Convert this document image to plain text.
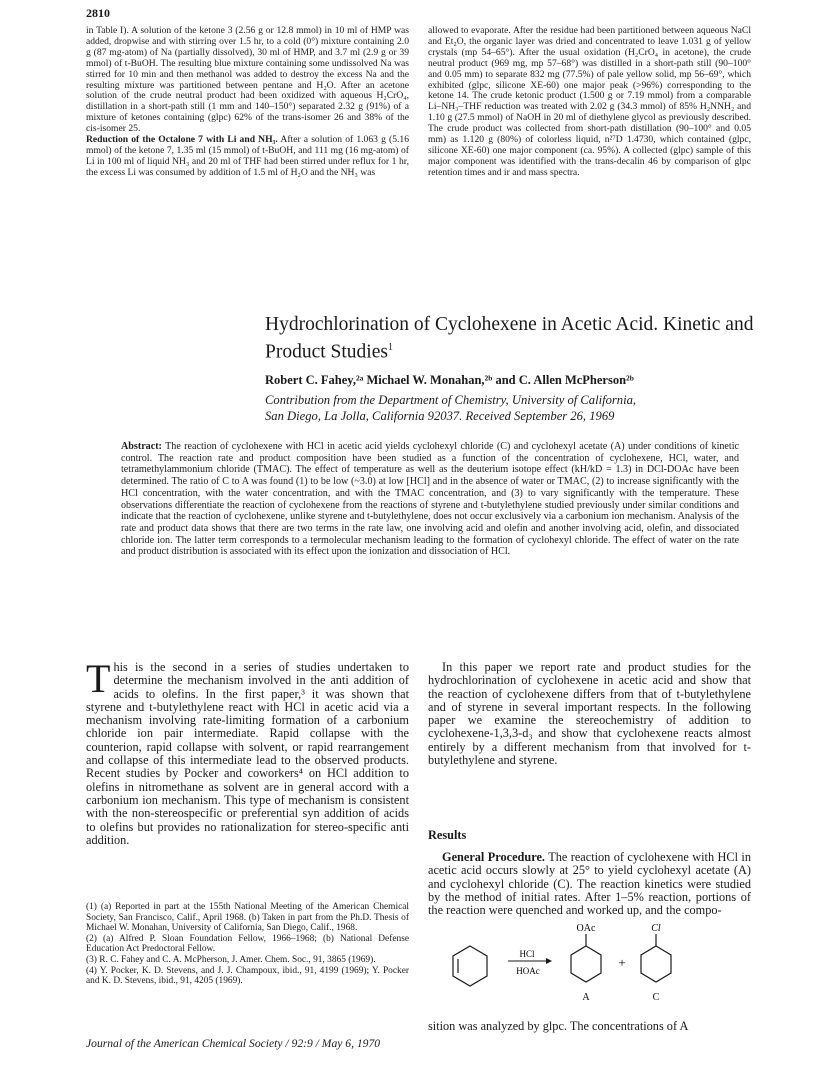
2810

in Table I). A solution of the ketone 3 (2.56 g or 12.8 mmol) in 10 ml of HMP was added, dropwise and with stirring over 1.5 hr, to a cold (0°) mixture containing 2.0 g (87 mg-atom) of Na (partially dissolved), 30 ml of HMP, and 3.7 ml (2.9 g or 39 mmol) of t-BuOH. The resulting blue mixture containing some undissolved Na was stirred for 10 min and then methanol was added to destroy the excess Na and the resulting mixture was partitioned between pentane and H₂O. After an acetone solution of the crude neutral product had been oxidized with aqueous H₂CrO₄, distillation in a short-path still (1 mm and 140–150°) separated 2.32 g (91%) of a mixture of ketones containing (glpc) 62% of the trans-isomer 26 and 38% of the cis-isomer 25.

Reduction of the Octalone 7 with Li and NH₃. After a solution of 1.063 g (5.16 mmol) of the ketone 7, 1.35 ml (15 mmol) of t-BuOH, and 111 mg (16 mg-atom) of Li in 100 ml of liquid NH₃ and 20 ml of THF had been stirred under reflux for 1 hr, the excess Li was consumed by addition of 1.5 ml of H₂O and the NH₃ was

allowed to evaporate. After the residue had been partitioned between aqueous NaCl and Et₂O, the organic layer was dried and concentrated to leave 1.031 g of yellow crystals (mp 54–65°). After the usual oxidation (H₂CrO₄ in acetone), the crude neutral product (969 mg, mp 57–68°) was distilled in a short-path still (90–100° and 0.05 mm) to separate 832 mg (77.5%) of pale yellow solid, mp 56–69°, which exhibited (glpc, silicone XE-60) one major peak (>96%) corresponding to the ketone 14. The crude ketonic product (1.500 g or 7.19 mmol) from a comparable Li–NH₃–THF reduction was treated with 2.02 g (34.3 mmol) of 85% H₂NNH₂ and 1.10 g (27.5 mmol) of NaOH in 20 ml of diethylene glycol as previously described. The crude product was collected from short-path distillation (90–100° and 0.05 mm) as 1.120 g (80%) of colorless liquid, n²⁷D 1.4730, which contained (glpc, silicone XE-60) one major component (ca. 95%). A collected (glpc) sample of this major component was identified with the trans-decalin 46 by comparison of glpc retention times and ir and mass spectra.

Hydrochlorination of Cyclohexene in Acetic Acid. Kinetic and
Product Studies$^1$
Robert C. Fahey,²ᵃ Michael W. Monahan,²ᵇ and C. Allen McPherson²ᵇ
Contribution from the Department of Chemistry, University of California,
San Diego, La Jolla, California 92037. Received September 26, 1969

Abstract: The reaction of cyclohexene with HCl in acetic acid yields cyclohexyl chloride (C) and cyclohexyl acetate (A) under conditions of kinetic control. The reaction rate and product composition have been studied as a function of the concentration of cyclohexene, HCl, water, and tetramethylammonium chloride (TMAC). The effect of temperature as well as the deuterium isotope effect (kH/kD = 1.3) in DCl-DOAc have been determined. The ratio of C to A was found (1) to be low (~3.0) at low [HCl] and in the absence of water or TMAC, (2) to increase significantly with the HCl concentration, with the water concentration, and with the TMAC concentration, and (3) to vary significantly with the temperature. These observations differentiate the reaction of cyclohexene from the reactions of styrene and t-butylethylene studied previously under similar conditions and indicate that the reaction of cyclohexene, unlike styrene and t-butylethylene, does not occur exclusively via a carbonium ion mechanism. Analysis of the rate and product data shows that there are two terms in the rate law, one involving acid and olefin and another involving acid, olefin, and dissociated chloride ion. The latter term corresponds to a termolecular mechanism leading to the formation of cyclohexyl chloride. The effect of water on the rate and product distribution is associated with its effect upon the ionization and dissociation of HCl.

This is the second in a series of studies undertaken to determine the mechanism involved in the anti addition of acids to olefins. In the first paper,³ it was shown that styrene and t-butylethylene react with HCl in acetic acid via a mechanism involving rate-limiting formation of a carbonium chloride ion pair intermediate. Rapid collapse with the counterion, rapid collapse with solvent, or rapid rearrangement and collapse of this intermediate lead to the observed products. Recent studies by Pocker and coworkers⁴ on HCl addition to olefins in nitromethane as solvent are in general accord with a carbonium ion mechanism. This type of mechanism is consistent with the non-stereospecific or preferential syn addition of acids to olefins but provides no rationalization for stereo-specific anti addition.

In this paper we report rate and product studies for the hydrochlorination of cyclohexene in acetic acid and show that the reaction of cyclohexene differs from that of t-butylethylene and of styrene in several important respects. In the following paper we examine the stereochemistry of addition to cyclohexene-1,3,3-d₃ and show that cyclohexene reacts almost entirely by a different mechanism from that involved for t-butylethylene and styrene.

Results

General Procedure. The reaction of cyclohexene with HCl in acetic acid occurs slowly at 25° to yield cyclohexyl acetate (A) and cyclohexyl chloride (C). The reaction kinetics were studied by the method of initial rates. After 1–5% reaction, portions of the reaction were quenched and worked up, and the compo-

(1) (a) Reported in part at the 155th National Meeting of the American Chemical Society, San Francisco, Calif., April 1968. (b) Taken in part from the Ph.D. Thesis of Michael W. Monahan, University of California, San Diego, Calif., 1968.

(2) (a) Alfred P. Sloan Foundation Fellow, 1966–1968; (b) National Defense Education Act Predoctoral Fellow.

(3) R. C. Fahey and C. A. McPherson, J. Amer. Chem. Soc., 91, 3865 (1969).

(4) Y. Pocker, K. D. Stevens, and J. J. Champoux, ibid., 91, 4199 (1969); Y. Pocker and K. D. Stevens, ibid., 91, 4205 (1969).

HCl
HOAc
OAc
A
+
Cl
C
sition was analyzed by glpc. The concentrations of A
Journal of the American Chemical Society / 92:9 / May 6, 1970
